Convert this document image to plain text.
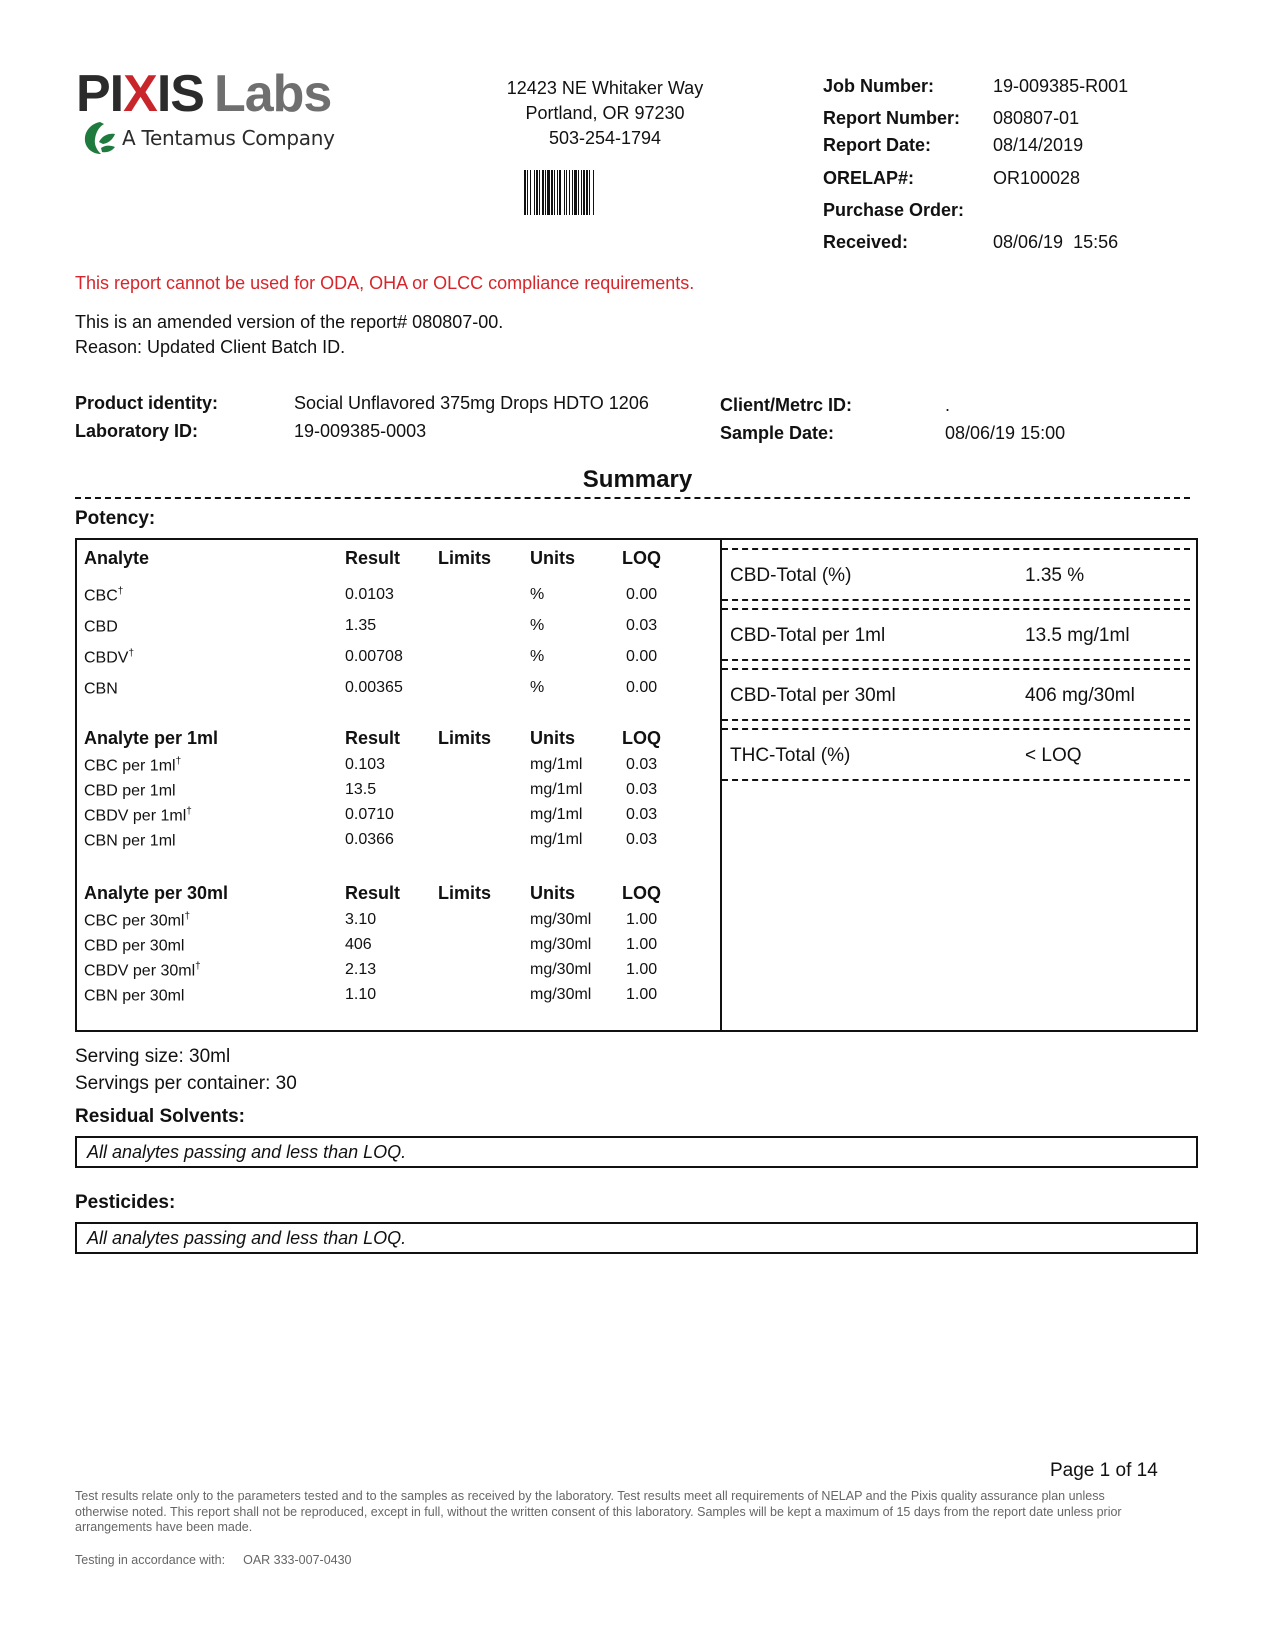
PIXIS Labs
A Tentamus Company
12423 NE Whitaker Way
Portland, OR 97230
503-254-1794
Job Number:	19-009385-R001
Report Number:	080807-01
Report Date:	08/14/2019
ORELAP#:	OR100028
Purchase Order:
Received:	08/06/19  15:56
This report cannot be used for ODA, OHA or OLCC compliance requirements.
This is an amended version of the report# 080807-00.
Reason: Updated Client Batch ID.
Product identity:	Social Unflavored 375mg Drops HDTO 1206
Laboratory ID:	19-009385-0003
Client/Metrc ID:	.
Sample Date:	08/06/19 15:00
Summary
Potency:
Analyte	Result Limits Units	LOQ
CBC†	0.0103	%	0.00
CBD	1.35	%	0.03
CBDV†	0.00708	%	0.00
CBN	0.00365	%	0.00
Analyte per 1ml	Result Limits Units	LOQ
CBC per 1ml†	0.103	mg/1ml	0.03
CBD per 1ml	13.5	mg/1ml	0.03
CBDV per 1ml†	0.0710	mg/1ml	0.03
CBN per 1ml	0.0366	mg/1ml	0.03
Analyte per 30ml	Result Limits Units	LOQ
CBC per 30ml†	3.10	mg/30ml 1.00
CBD per 30ml	406	mg/30ml 1.00
CBDV per 30ml†	2.13	mg/30ml 1.00
CBN per 30ml	1.10	mg/30ml 1.00
CBD-Total (%)	1.35 %
CBD-Total per 1ml	13.5 mg/1ml
CBD-Total per 30ml	406 mg/30ml
THC-Total (%)	< LOQ
Serving size: 30ml
Servings per container: 30
Residual Solvents:
All analytes passing and less than LOQ.
Pesticides:
All analytes passing and less than LOQ.
Page 1 of 14
Test results relate only to the parameters tested and to the samples as received by the laboratory. Test results meet all requirements of NELAP and the Pixis quality assurance plan unless otherwise noted. This report shall not be reproduced, except in full, without the written consent of this laboratory. Samples will be kept a maximum of 15 days from the report date unless prior arrangements have been made.
Testing in accordance with: OAR 333-007-0430
